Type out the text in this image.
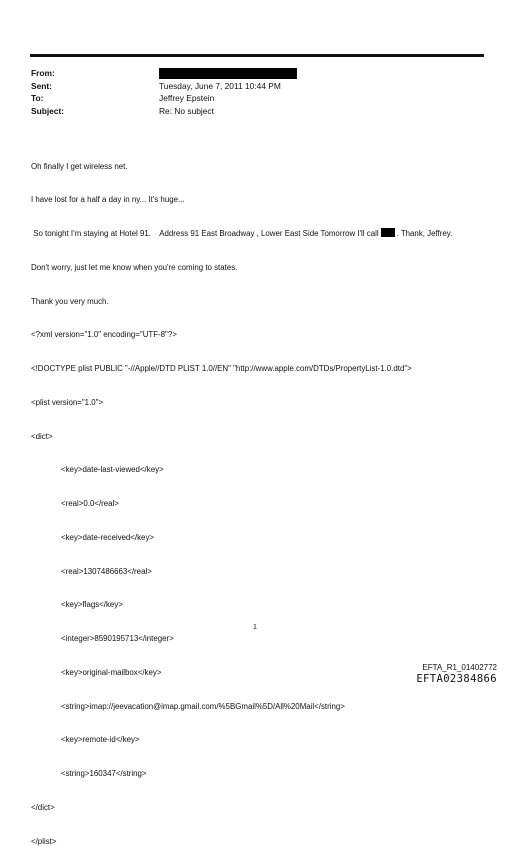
From:
Sent:	Tuesday, June 7, 2011 10:44 PM
To:	Jeffrey Epstein
Subject:	Re: No subject

Oh finally I get wireless net.

I have lost for a half a day in ny... It's huge...

So tonight I'm staying at Hotel 91.    Address 91 East Broadway , Lower East Side Tomorrow I'll call . Thank, Jeffrey.

Don't worry, just let me know when you're coming to states.

Thank you very much.

<?xml version="1.0" encoding="UTF-8"?>

<!DOCTYPE plist PUBLIC "-//Apple//DTD PLIST 1.0//EN" "http://www.apple.com/DTDs/PropertyList-1.0.dtd">

<plist version="1.0">

<dict>

<key>date-last-viewed</key>

<real>0.0</real>

<key>date-received</key>

<real>1307486663</real>

<key>flags</key>

<integer>8590195713</integer>

<key>original-mailbox</key>

<string>imap://jeevacation@imap.gmail.com/%5BGmail%5D/All%20Mail</string>

<key>remote-id</key>

<string>160347</string>

</dict>

</plist>

1
EFTA_R1_01402772
EFTA02384866
